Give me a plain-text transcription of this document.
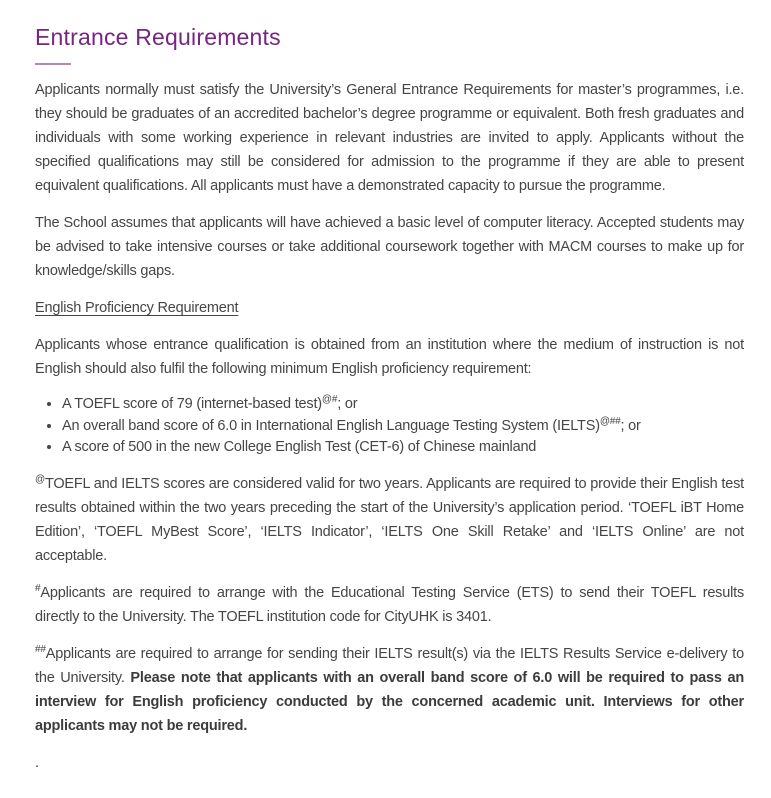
Entrance Requirements

Applicants normally must satisfy the University’s General Entrance Requirements for master’s programmes, i.e. they should be graduates of an accredited bachelor’s degree programme or equivalent. Both fresh graduates and individuals with some working experience in relevant industries are invited to apply. Applicants without the specified qualifications may still be considered for admission to the programme if they are able to present equivalent qualifications. All applicants must have a demonstrated capacity to pursue the programme.

The School assumes that applicants will have achieved a basic level of computer literacy. Accepted students may be advised to take intensive courses or take additional coursework together with MACM courses to make up for knowledge/skills gaps.

English Proficiency Requirement

Applicants whose entrance qualification is obtained from an institution where the medium of instruction is not English should also fulfil the following minimum English proficiency requirement:

• A TOEFL score of 79 (internet-based test)@#; or
• An overall band score of 6.0 in International English Language Testing System (IELTS)@##; or
• A score of 500 in the new College English Test (CET-6) of Chinese mainland

@TOEFL and IELTS scores are considered valid for two years. Applicants are required to provide their English test results obtained within the two years preceding the start of the University’s application period. ‘TOEFL iBT Home Edition’, ‘TOEFL MyBest Score’, ‘IELTS Indicator’, ‘IELTS One Skill Retake’ and ‘IELTS Online’ are not acceptable.

#Applicants are required to arrange with the Educational Testing Service (ETS) to send their TOEFL results directly to the University. The TOEFL institution code for CityUHK is 3401.

##Applicants are required to arrange for sending their IELTS result(s) via the IELTS Results Service e-delivery to the University. Please note that applicants with an overall band score of 6.0 will be required to pass an interview for English proficiency conducted by the concerned academic unit. Interviews for other applicants may not be required.

.
